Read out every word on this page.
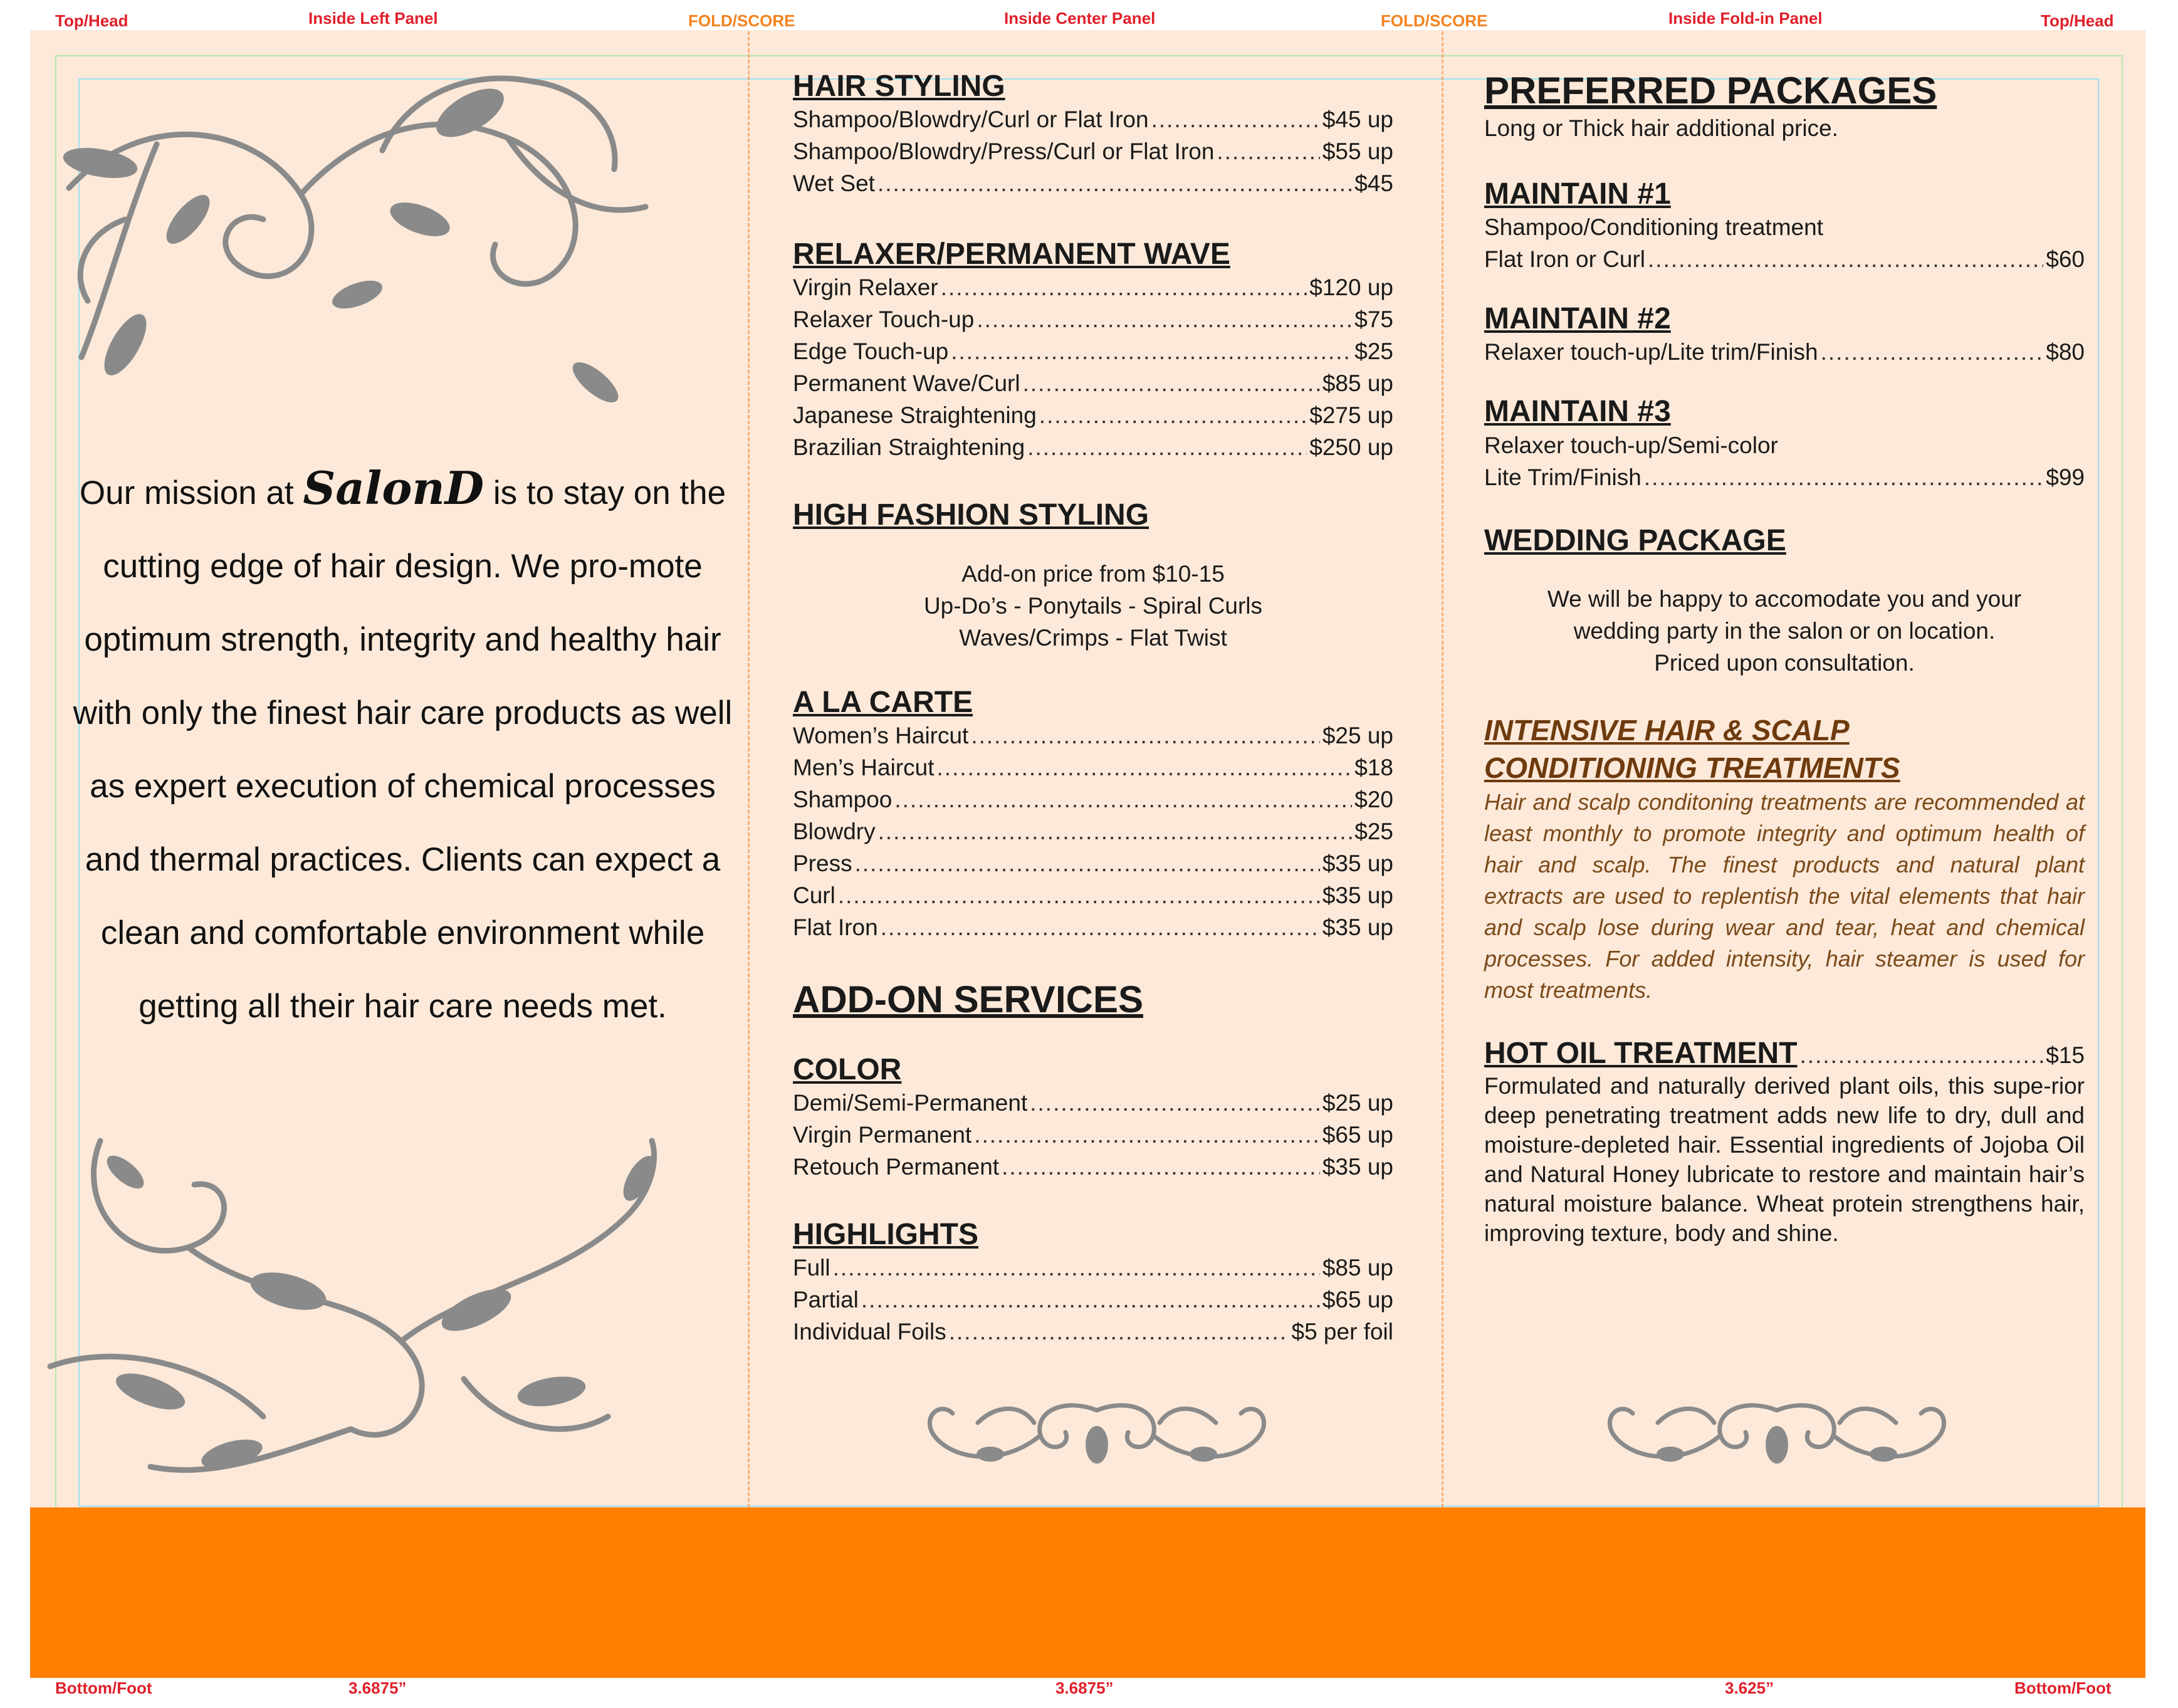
Top/Head	Inside Left Panel	FOLD/SCORE	Inside Center Panel	FOLD/SCORE	Inside Fold-in Panel	Top/Head
Bottom/Foot	3.6875”	3.6875”	3.625”	Bottom/Foot
Our mission at SalonD is to stay on the cutting edge of hair design. We pro-mote optimum strength, integrity and healthy hair with only the finest hair care products as well as expert execution of chemical processes and thermal practices. Clients can expect a clean and comfortable environment while getting all their hair care needs met.
HAIR STYLING
Shampoo/Blowdry/Curl or Flat Iron .....	$45 up
Shampoo/Blowdry/Press/Curl or Flat Iron .....	$55 up
Wet Set .....	$45
RELAXER/PERMANENT WAVE
Virgin Relaxer .....	$120 up
Relaxer Touch-up .....	$75
Edge Touch-up .....	$25
Permanent Wave/Curl .....	$85 up
Japanese Straightening .....	$275 up
Brazilian Straightening .....	$250 up
HIGH FASHION STYLING
Add-on price from $10-15
Up-Do’s - Ponytails - Spiral Curls
Waves/Crimps - Flat Twist
A LA CARTE
Women’s Haircut .....	$25 up
Men’s Haircut .....	$18
Shampoo .....	$20
Blowdry .....	$25
Press .....	$35 up
Curl .....	$35 up
Flat Iron .....	$35 up
ADD-ON SERVICES
COLOR
Demi/Semi-Permanent .....	$25 up
Virgin Permanent .....	$65 up
Retouch Permanent .....	$35 up
HIGHLIGHTS
Full .....	$85 up
Partial .....	$65 up
Individual Foils .....	$5 per foil
PREFERRED PACKAGES
Long or Thick hair additional price.
MAINTAIN #1
Shampoo/Conditioning treatment
Flat Iron or Curl .....	$60
MAINTAIN #2
Relaxer touch-up/Lite trim/Finish .....	$80
MAINTAIN #3
Relaxer touch-up/Semi-color
Lite Trim/Finish .....	$99
WEDDING PACKAGE
We will be happy to accomodate you and your
wedding party in the salon or on location.
Priced upon consultation.
INTENSIVE HAIR & SCALP
CONDITIONING TREATMENTS
Hair and scalp conditoning treatments are recommended at least monthly to promote integrity and optimum health of hair and scalp. The finest products and natural plant extracts are used to replentish the vital elements that hair and scalp lose during wear and tear, heat and chemical processes. For added intensity, hair steamer is used for most treatments.
HOT OIL TREATMENT .....	$15
Formulated and naturally derived plant oils, this supe-rior deep penetrating treatment adds new life to dry, dull and moisture-depleted hair. Essential ingredients of Jojoba Oil and Natural Honey lubricate to restore and maintain hair’s natural moisture balance. Wheat protein strengthens hair, improving texture, body and shine.
